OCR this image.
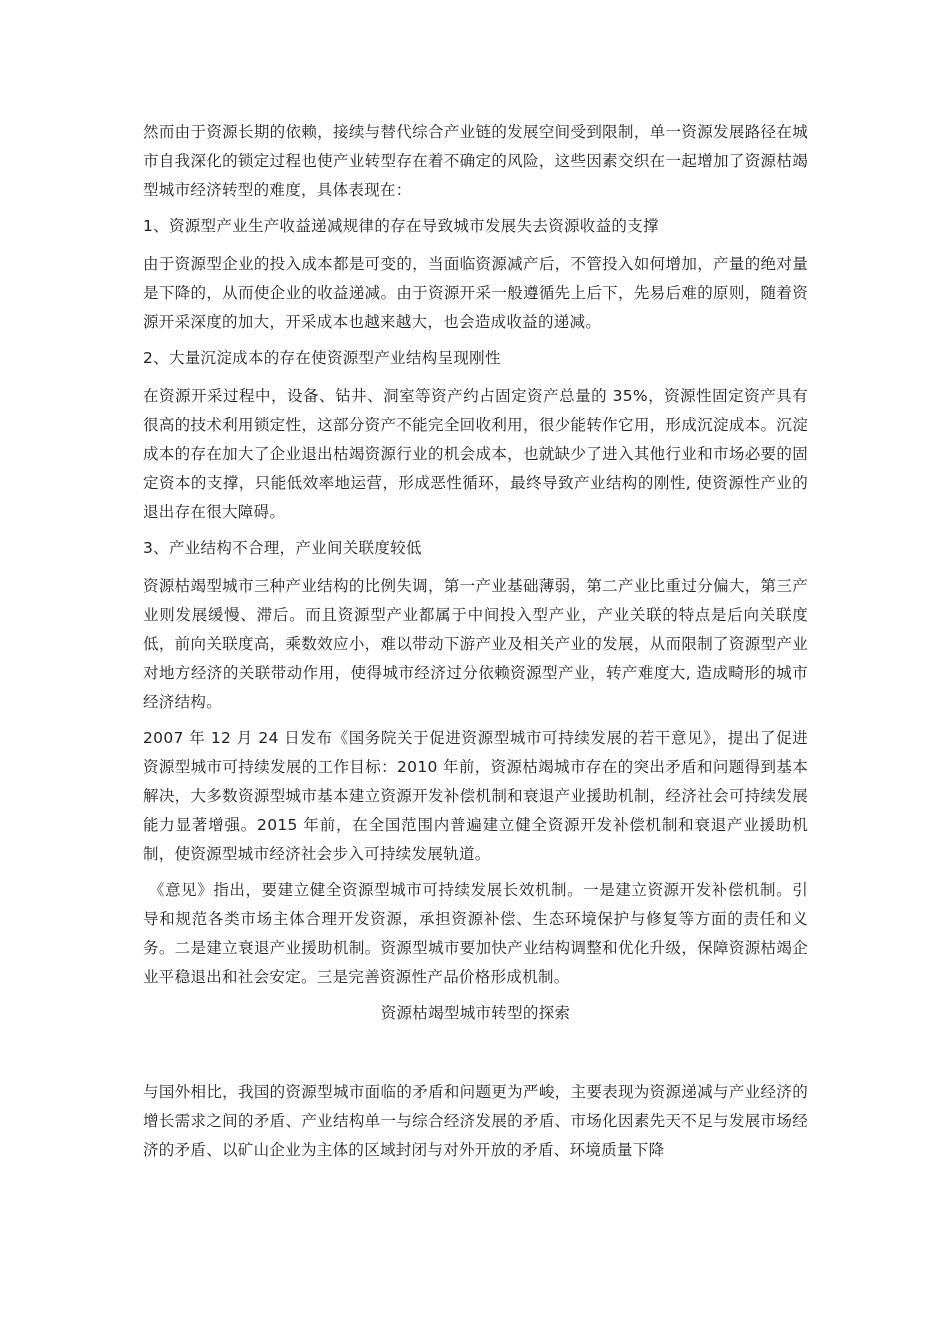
然而由于资源长期的依赖，接续与替代综合产业链的发展空间受到限制，单一资源发展路径在城市自我深化的锁定过程也使产业转型存在着不确定的风险，这些因素交织在一起增加了资源枯竭型城市经济转型的难度，具体表现在：

1、资源型产业生产收益递减规律的存在导致城市发展失去资源收益的支撑

由于资源型企业的投入成本都是可变的，当面临资源减产后，不管投入如何增加，产量的绝对量是下降的，从而使企业的收益递减。由于资源开采一般遵循先上后下，先易后难的原则，随着资源开采深度的加大，开采成本也越来越大，也会造成收益的递减。

2、大量沉淀成本的存在使资源型产业结构呈现刚性

在资源开采过程中，设备、钻井、洞室等资产约占固定资产总量的 35%，资源性固定资产具有很高的技术利用锁定性，这部分资产不能完全回收利用，很少能转作它用，形成沉淀成本。沉淀成本的存在加大了企业退出枯竭资源行业的机会成本，也就缺少了进入其他行业和市场必要的固定资本的支撑，只能低效率地运营，形成恶性循环，最终导致产业结构的刚性, 使资源性产业的退出存在很大障碍。

3、产业结构不合理，产业间关联度较低

资源枯竭型城市三种产业结构的比例失调，第一产业基础薄弱，第二产业比重过分偏大，第三产业则发展缓慢、滞后。而且资源型产业都属于中间投入型产业，产业关联的特点是后向关联度低，前向关联度高，乘数效应小，难以带动下游产业及相关产业的发展，从而限制了资源型产业对地方经济的关联带动作用，使得城市经济过分依赖资源型产业，转产难度大, 造成畸形的城市经济结构。

2007 年 12 月 24 日发布《国务院关于促进资源型城市可持续发展的若干意见》，提出了促进资源型城市可持续发展的工作目标：2010 年前，资源枯竭城市存在的突出矛盾和问题得到基本解决，大多数资源型城市基本建立资源开发补偿机制和衰退产业援助机制，经济社会可持续发展能力显著增强。2015 年前，在全国范围内普遍建立健全资源开发补偿机制和衰退产业援助机制，使资源型城市经济社会步入可持续发展轨道。

《意见》指出，要建立健全资源型城市可持续发展长效机制。一是建立资源开发补偿机制。引导和规范各类市场主体合理开发资源，承担资源补偿、生态环境保护与修复等方面的责任和义务。二是建立衰退产业援助机制。资源型城市要加快产业结构调整和优化升级，保障资源枯竭企业平稳退出和社会安定。三是完善资源性产品价格形成机制。

资源枯竭型城市转型的探索

与国外相比，我国的资源型城市面临的矛盾和问题更为严峻，主要表现为资源递减与产业经济的增长需求之间的矛盾、产业结构单一与综合经济发展的矛盾、市场化因素先天不足与发展市场经济的矛盾、以矿山企业为主体的区域封闭与对外开放的矛盾、环境质量下降
